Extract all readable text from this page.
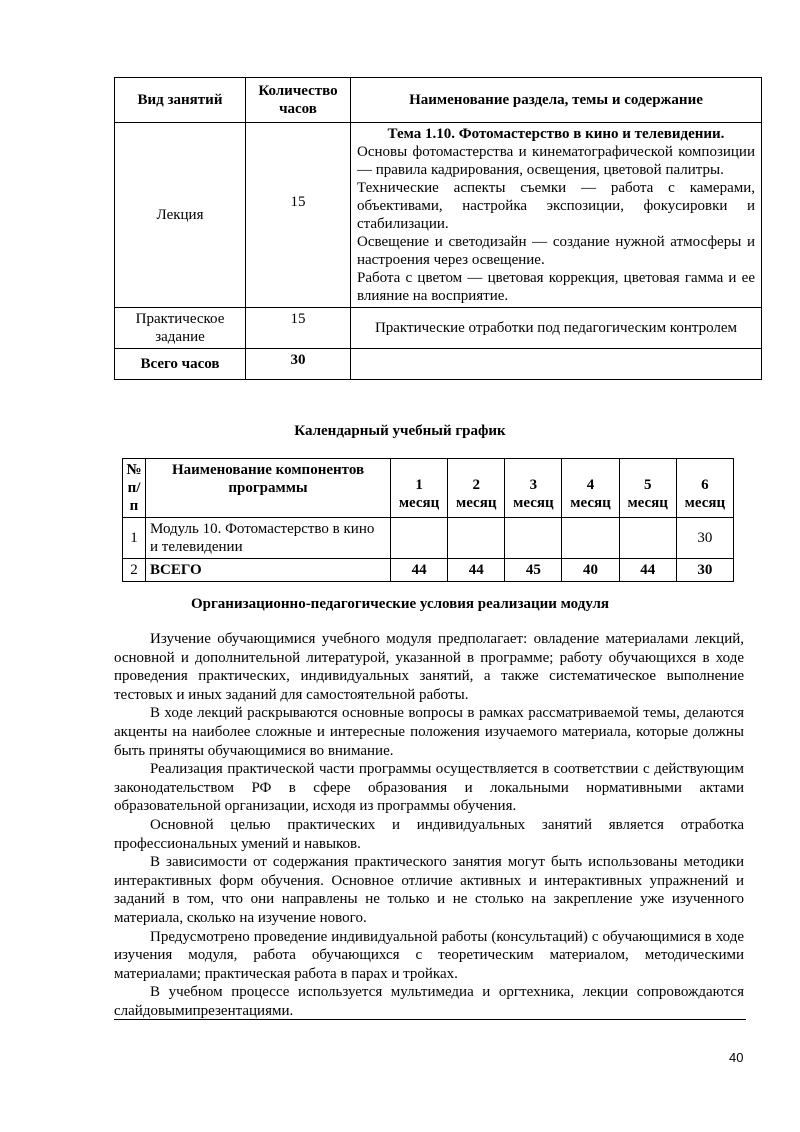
Вид занятий	Количество часов	Наименование раздела, темы и содержание
Лекция	15	Тема 1.10. Фотомастерство в кино и телевидении.
Основы фотомастерства и кинематографической композиции — правила кадрирования, освещения, цветовой палитры.
Технические аспекты съемки — работа с камерами, объективами, настройка экспозиции, фокусировки и стабилизации.
Освещение и светодизайн — создание нужной атмосферы и настроения через освещение.
Работа с цветом — цветовая коррекция, цветовая гамма и ее влияние на восприятие.

Практическое задание	15	Практические отработки под педагогическим контролем
Всего часов	30	
Календарный учебный график
№ п/п	Наименование компонентов программы	1 месяц	2 месяц	3 месяц	4 месяц	5 месяц	6 месяц
1	Модуль 10. Фотомастерство в кино и телевидении						30
2	ВСЕГО	44	44	45	40	44	30
Организационно-педагогические условия реализации модуля

Изучение обучающимися учебного модуля предполагает: овладение материалами лекций, основной и дополнительной литературой, указанной в программе; работу обучающихся в ходе проведения практических, индивидуальных занятий, а также систематическое выполнение тестовых и иных заданий для самостоятельной работы.

В ходе лекций раскрываются основные вопросы в рамках рассматриваемой темы, делаются акценты на наиболее сложные и интересные положения изучаемого материала, которые должны быть приняты обучающимися во внимание.

Реализация практической части программы осуществляется в соответствии с действующим законодательством РФ в сфере образования и локальными нормативными актами образовательной организации, исходя из программы обучения.

Основной целью практических и индивидуальных занятий является отработка профессиональных умений и навыков.

В зависимости от содержания практического занятия могут быть использованы методики интерактивных форм обучения. Основное отличие активных и интерактивных упражнений и заданий в том, что они направлены не только и не столько на закрепление уже изученного материала, сколько на изучение нового.

Предусмотрено проведение индивидуальной работы (консультаций) с обучающимися в ходе изучения модуля, работа обучающихся с теоретическим материалом, методическими материалами; практическая работа в парах и тройках.

В учебном процессе используется мультимедиа и оргтехника, лекции сопровождаются слайдовымипрезентациями.

40
